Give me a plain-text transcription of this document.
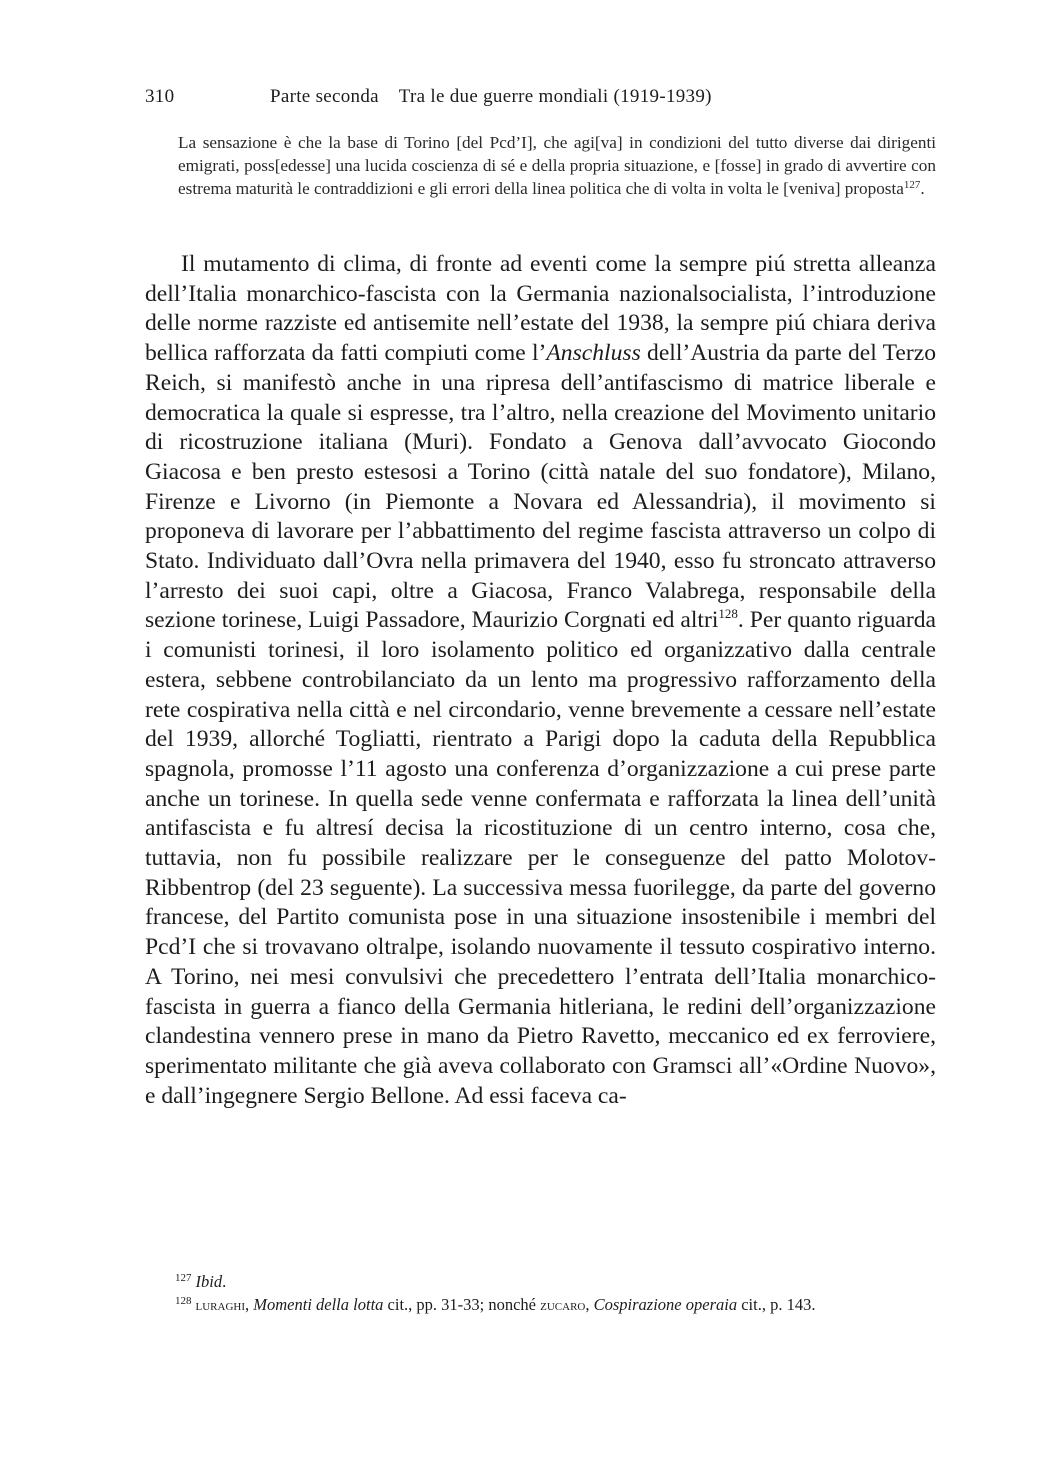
310	Parte seconda    Tra le due guerre mondiali (1919-1939)
La sensazione è che la base di Torino [del Pcd’I], che agi[va] in condizioni del tutto diverse dai dirigenti emigrati, poss[edesse] una lucida coscienza di sé e della propria situazione, e [fosse] in grado di avvertire con estrema maturità le contraddizioni e gli errori della linea politica che di volta in volta le [veniva] proposta$^{127}$.

Il mutamento di clima, di fronte ad eventi come la sempre piú stretta alleanza dell’Italia monarchico-fascista con la Germania nazionalsocialista, l’introduzione delle norme razziste ed antisemite nell’estate del 1938, la sempre piú chiara deriva bellica rafforzata da fatti compiuti come l’Anschluss dell’Austria da parte del Terzo Reich, si manifestò anche in una ripresa dell’antifascismo di matrice liberale e democratica la quale si espresse, tra l’altro, nella creazione del Movimento unitario di ricostruzione italiana (Muri). Fondato a Genova dall’avvocato Giocondo Giacosa e ben presto estesosi a Torino (città natale del suo fondatore), Milano, Firenze e Livorno (in Piemonte a Novara ed Alessandria), il movimento si proponeva di lavorare per l’abbattimento del regime fascista attraverso un colpo di Stato. Individuato dall’Ovra nella primavera del 1940, esso fu stroncato attraverso l’arresto dei suoi capi, oltre a Giacosa, Franco Valabrega, responsabile della sezione torinese, Luigi Passadore, Maurizio Corgnati ed altri$^{128}$. Per quanto riguarda i comunisti torinesi, il loro isolamento politico ed organizzativo dalla centrale estera, sebbene controbilanciato da un lento ma progressivo rafforzamento della rete cospirativa nella città e nel circondario, venne brevemente a cessare nell’estate del 1939, allorché Togliatti, rientrato a Parigi dopo la caduta della Repubblica spagnola, promosse l’11 agosto una conferenza d’organizzazione a cui prese parte anche un torinese. In quella sede venne confermata e rafforzata la linea dell’unità antifascista e fu altresí decisa la ricostituzione di un centro interno, cosa che, tuttavia, non fu possibile realizzare per le conseguenze del patto Molotov-Ribbentrop (del 23 seguente). La successiva messa fuorilegge, da parte del governo francese, del Partito comunista pose in una situazione insostenibile i membri del Pcd’I che si trovavano oltralpe, isolando nuovamente il tessuto cospirativo interno. A Torino, nei mesi convulsivi che precedettero l’entrata dell’Italia monarchico-fascista in guerra a fianco della Germania hitleriana, le redini dell’organizzazione clandestina vennero prese in mano da Pietro Ravetto, meccanico ed ex ferroviere, sperimentato militante che già aveva collaborato con Gramsci all’«Ordine Nuovo», e dall’ingegnere Sergio Bellone. Ad essi faceva ca-

$^{127}$ Ibid.
$^{128}$ luraghi, Momenti della lotta cit., pp. 31-33; nonché zucaro, Cospirazione operaia cit., p. 143.
